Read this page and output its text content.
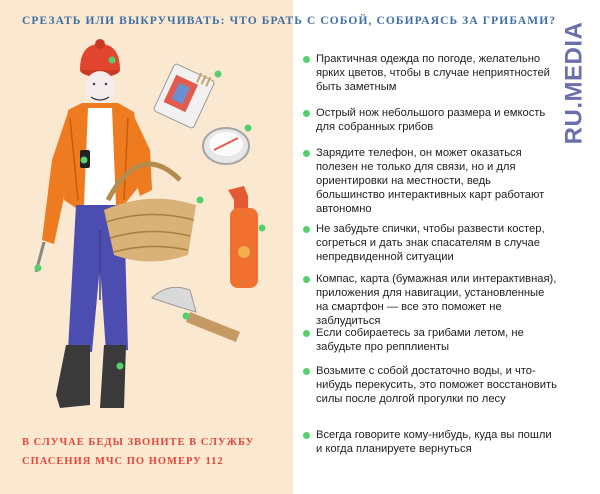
СРЕЗАТЬ ИЛИ ВЫКРУЧИВАТЬ: ЧТО БРАТЬ С СОБОЙ, СОБИРАЯСЬ ЗА ГРИБАМИ?
RU.MEDIA
Практичная одежда по погоде, желательно ярких цветов, чтобы в случае неприятностей быть заметным
Острый нож небольшого размера и емкость для собранных грибов
Зарядите телефон, он может оказаться полезен не только для связи, но и для ориентировки на местности, ведь большинство интерактивных карт работают автономно
Не забудьте спички, чтобы развести костер, согреться и дать знак спасателям в случае непредвиденной ситуации
Компас, карта (бумажная или интерактивная), приложения для навигации, установленные на смартфон — все это поможет не заблудиться
Если собираетесь за грибами летом, не забудьте про репплиенты
Возьмите с собой достаточно воды, и что-нибудь перекусить, это поможет восстановить силы после долгой прогулки по лесу
Всегда говорите кому-нибудь, куда вы пошли и когда планируете вернуться
В СЛУЧАЕ БЕДЫ ЗВОНИТЕ В СЛУЖБУ
СПАСЕНИЯ МЧС ПО НОМЕРУ 112
